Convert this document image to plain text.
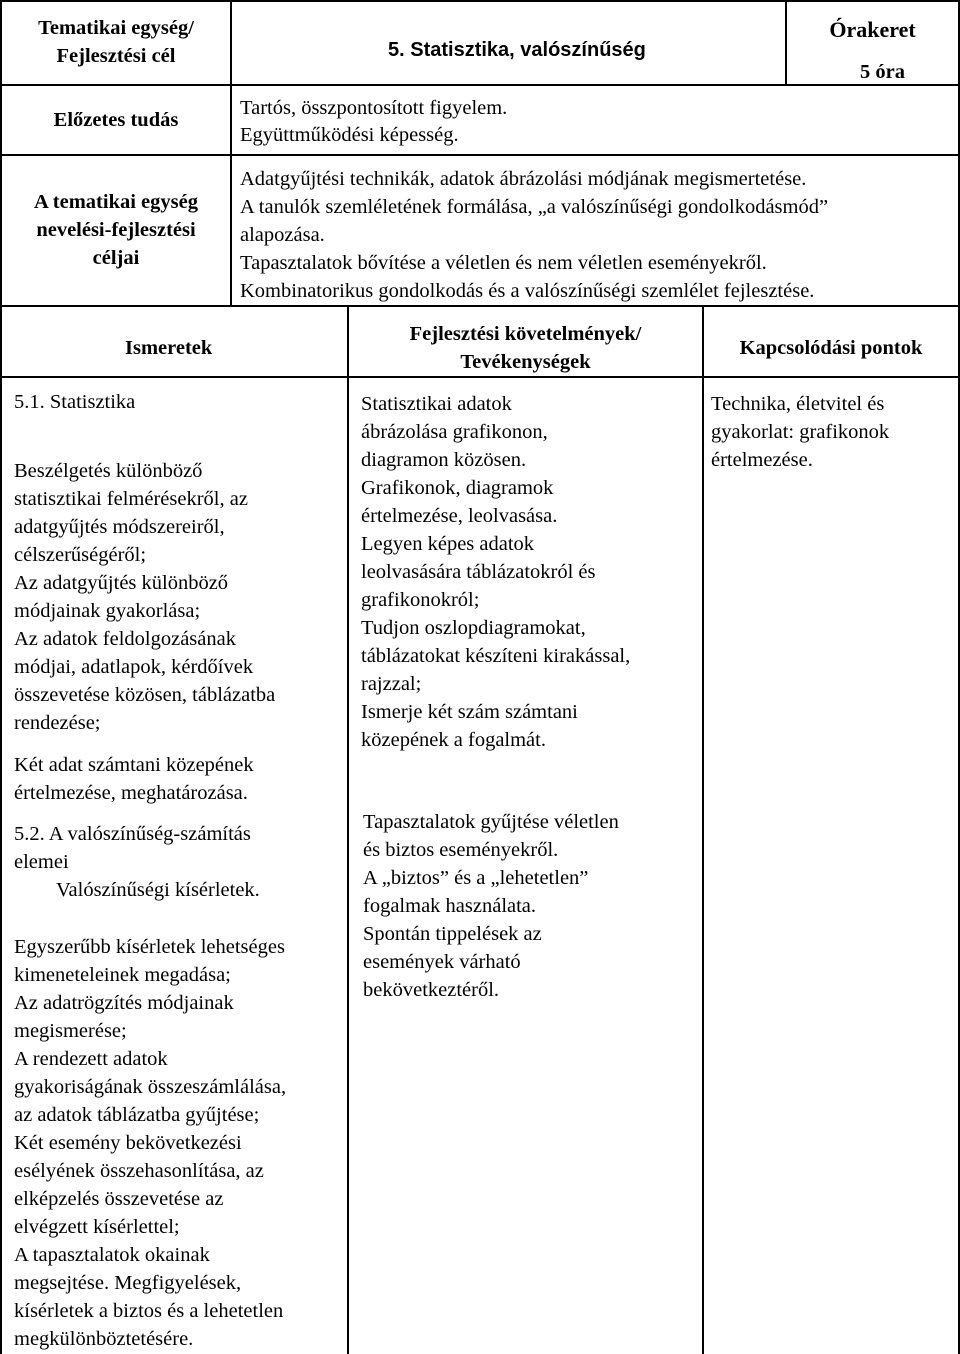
Tematikai egység/
Fejlesztési cél	5. Statisztika, valószínűség
Órakeret
5 óra
Előzetes tudás
Tartós, összpontosított figyelem.
Együttműködési képesség.
A tematikai egység
nevelési-fejlesztési
céljai
Adatgyűjtési technikák, adatok ábrázolási módjának megismertetése.
A tanulók szemléletének formálása, „a valószínűségi gondolkodásmód”
alapozása.
Tapasztalatok bővítése a véletlen és nem véletlen eseményekről.
Kombinatorikus gondolkodás és a valószínűségi szemlélet fejlesztése.
Ismeretek
Fejlesztési követelmények/
Tevékenységek
Kapcsolódási pontok
5.1. Statisztika
Beszélgetés különböző
statisztikai felmérésekről, az
adatgyűjtés módszereiről,
célszerűségéről;
Az adatgyűjtés különböző
módjainak gyakorlása;
Az adatok feldolgozásának
módjai, adatlapok, kérdőívek
összevetése közösen, táblázatba
rendezése;
Két adat számtani közepének
értelmezése, meghatározása.
5.2. A valószínűség-számítás
elemei
Valószínűségi kísérletek.
Egyszerűbb kísérletek lehetséges
kimeneteleinek megadása;
Az adatrögzítés módjainak
megismerése;
A rendezett adatok
gyakoriságának összeszámlálása,
az adatok táblázatba gyűjtése;
Két esemény bekövetkezési
esélyének összehasonlítása, az
elképzelés összevetése az
elvégzett kísérlettel;
A tapasztalatok okainak
megsejtése. Megfigyelések,
kísérletek a biztos és a lehetetlen
megkülönböztetésére.
Statisztikai adatok
ábrázolása grafikonon,
diagramon közösen.
Grafikonok, diagramok
értelmezése, leolvasása.
Legyen képes adatok
leolvasására táblázatokról és
grafikonokról;
Tudjon oszlopdiagramokat,
táblázatokat készíteni kirakással,
rajzzal;
Ismerje két szám számtani
közepének a fogalmát.
Tapasztalatok gyűjtése véletlen
és biztos eseményekről.
A „biztos” és a „lehetetlen”
fogalmak használata.
Spontán tippelések az
események várható
bekövetkeztéről.
Technika, életvitel és
gyakorlat: grafikonok
értelmezése.
